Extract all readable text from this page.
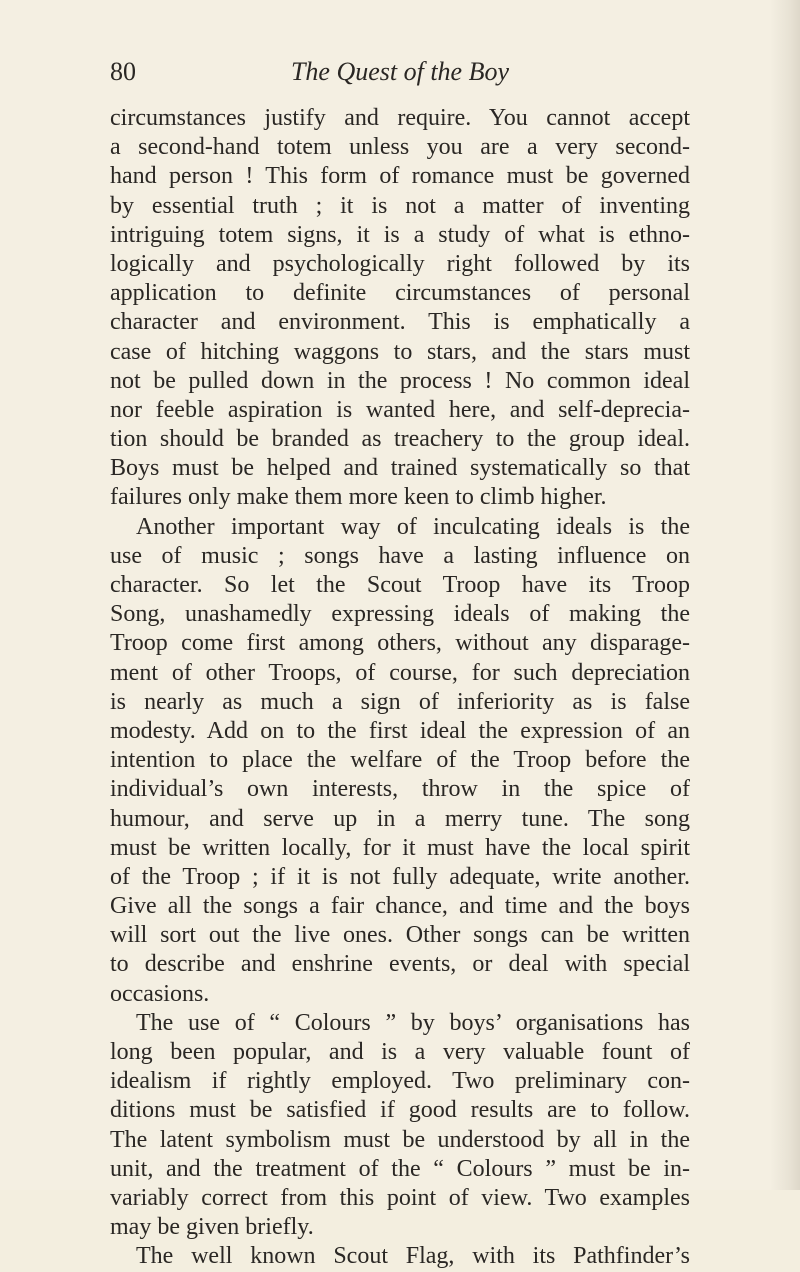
80	The Quest of the Boy
circumstances justify and require. You cannot accept
a second-hand totem unless you are a very second-
hand person ! This form of romance must be governed
by essential truth ; it is not a matter of inventing
intriguing totem signs, it is a study of what is ethno-
logically and psychologically right followed by its
application to definite circumstances of personal
character and environment. This is emphatically a
case of hitching waggons to stars, and the stars must
not be pulled down in the process ! No common ideal
nor feeble aspiration is wanted here, and self-deprecia-
tion should be branded as treachery to the group ideal.
Boys must be helped and trained systematically so that
failures only make them more keen to climb higher.
Another important way of inculcating ideals is the
use of music ; songs have a lasting influence on
character. So let the Scout Troop have its Troop
Song, unashamedly expressing ideals of making the
Troop come first among others, without any disparage-
ment of other Troops, of course, for such depreciation
is nearly as much a sign of inferiority as is false
modesty. Add on to the first ideal the expression of an
intention to place the welfare of the Troop before the
individual’s own interests, throw in the spice of
humour, and serve up in a merry tune. The song
must be written locally, for it must have the local spirit
of the Troop ; if it is not fully adequate, write another.
Give all the songs a fair chance, and time and the boys
will sort out the live ones. Other songs can be written
to describe and enshrine events, or deal with special
occasions.
The use of “ Colours ” by boys’ organisations has
long been popular, and is a very valuable fount of
idealism if rightly employed. Two preliminary con-
ditions must be satisfied if good results are to follow.
The latent symbolism must be understood by all in the
unit, and the treatment of the “ Colours ” must be in-
variably correct from this point of view. Two examples
may be given briefly.
The well known Scout Flag, with its Pathfinder’s
